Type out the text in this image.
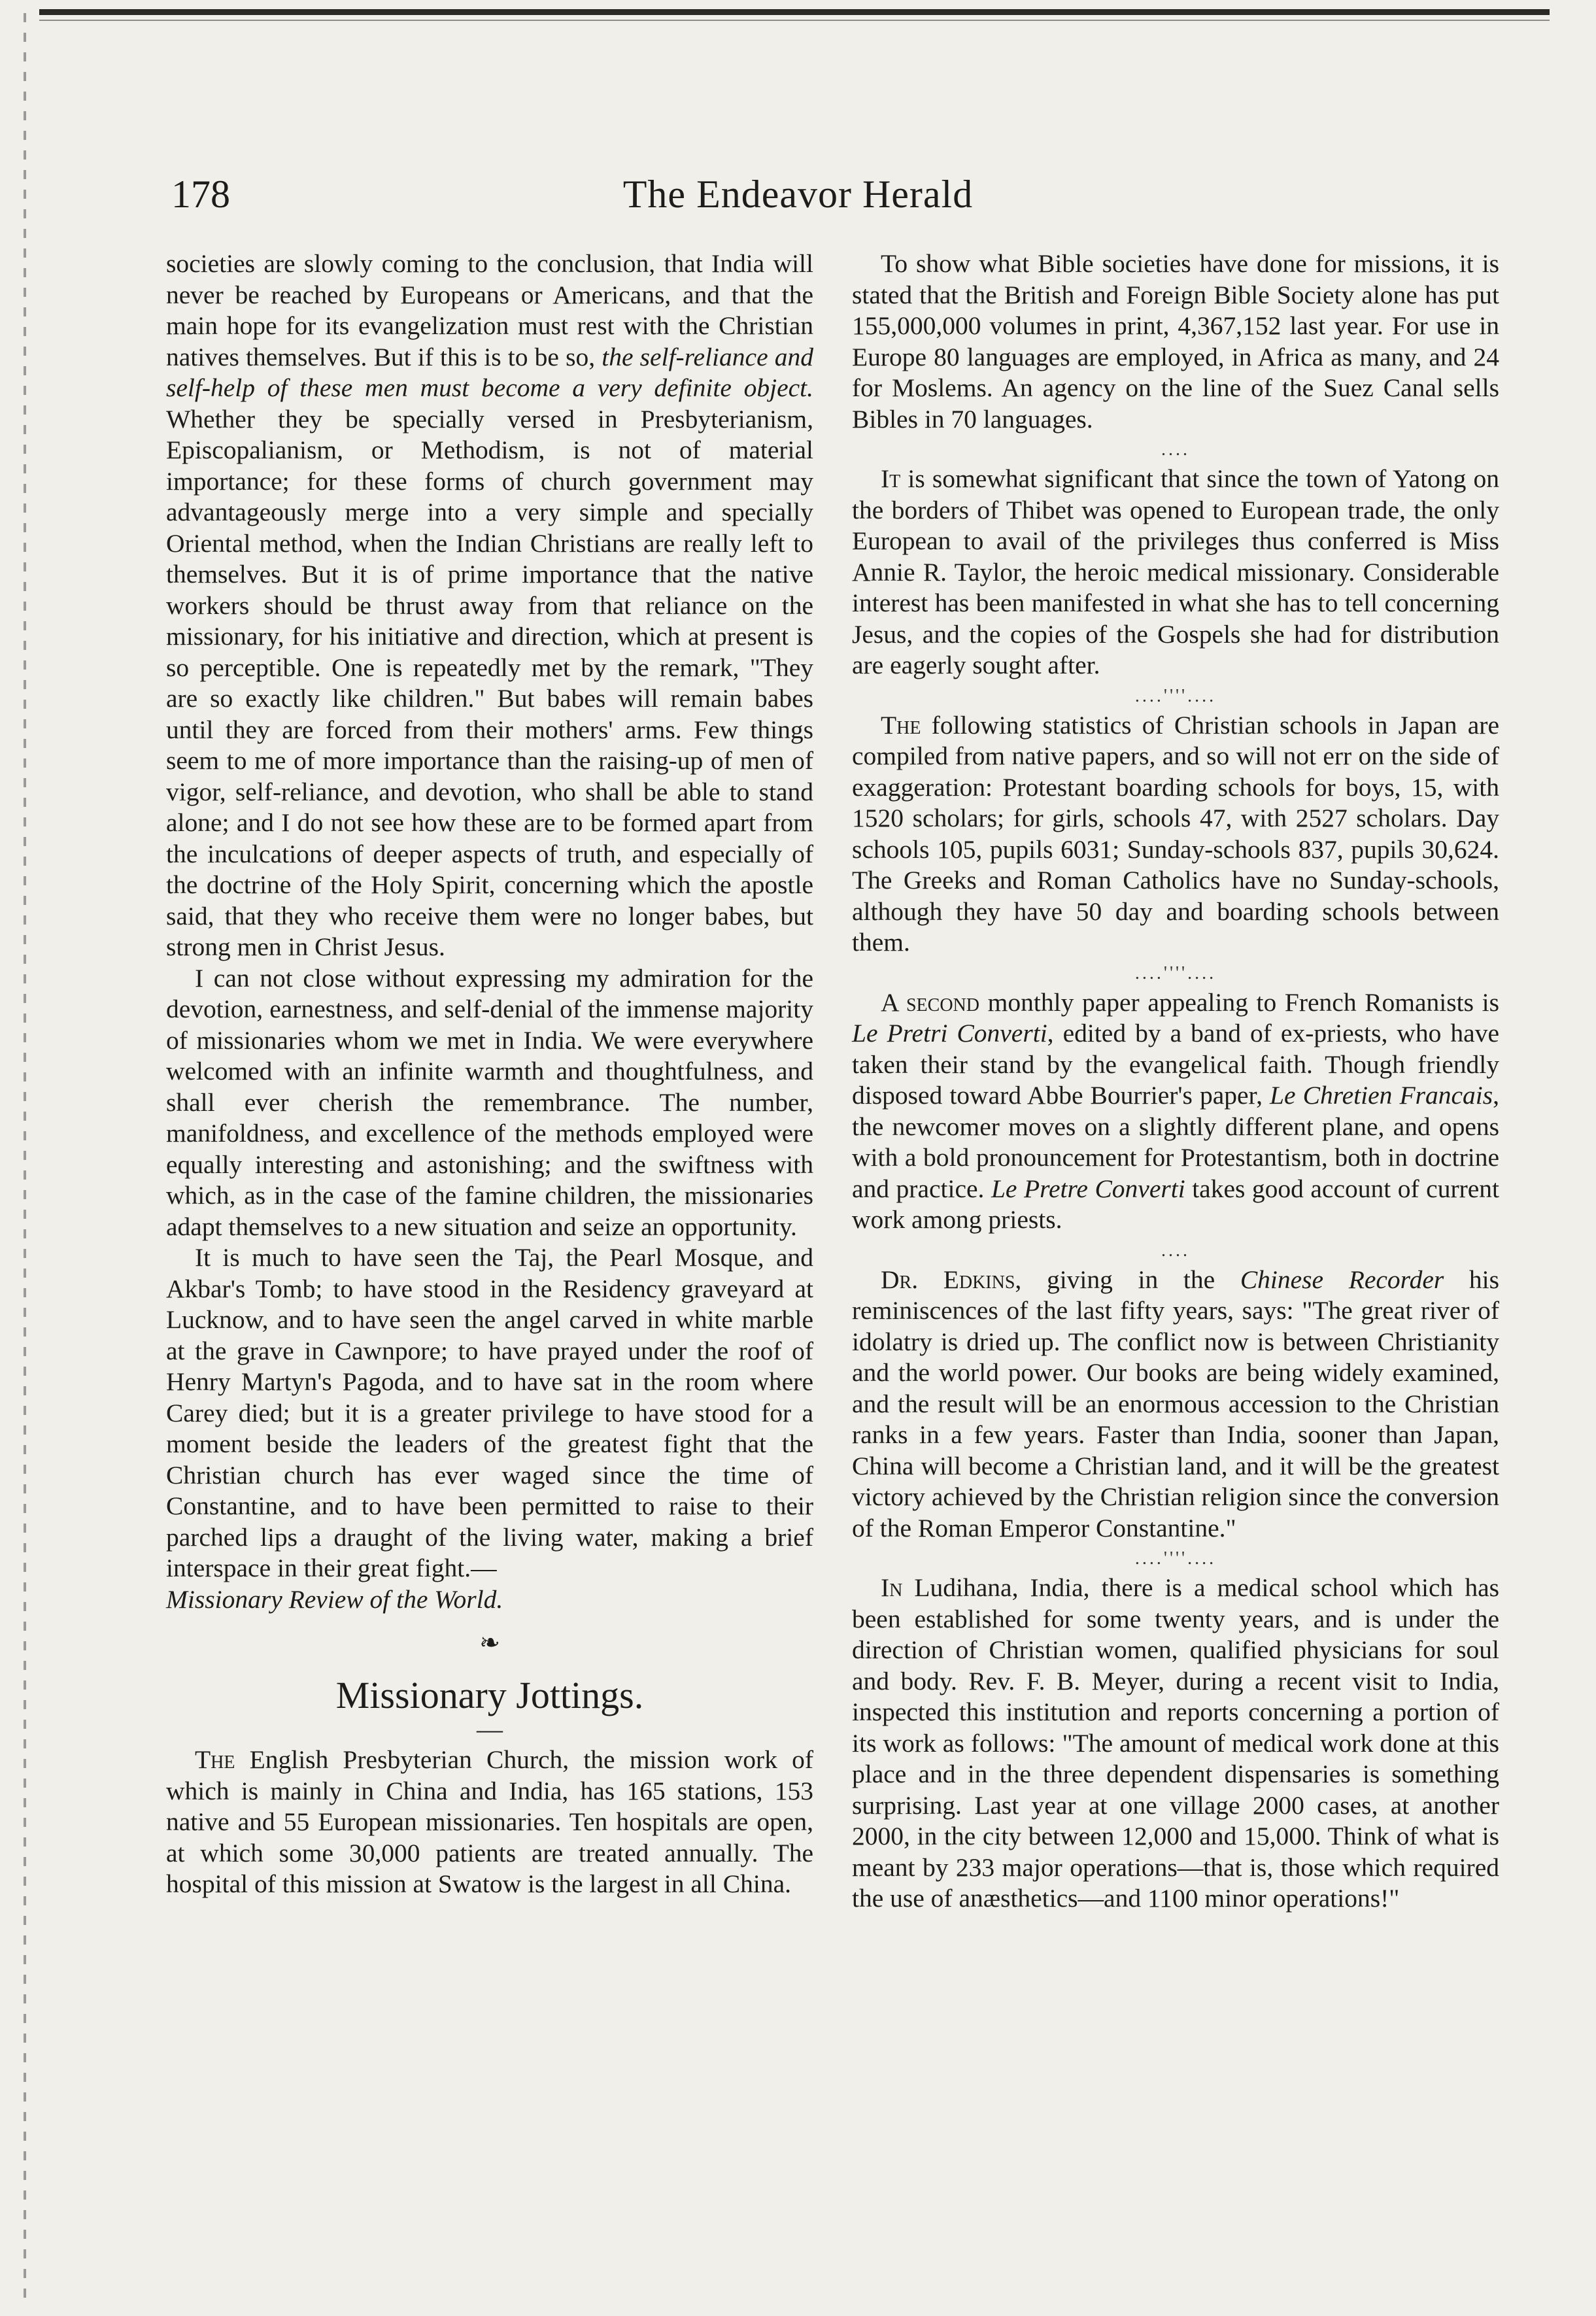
178	The Endeavor Herald

societies are slowly coming to the conclusion, that India will never be reached by Europeans or Americans, and that the main hope for its evangelization must rest with the Christian natives themselves. But if this is to be so, the self-reliance and self-help of these men must become a very definite object. Whether they be specially versed in Presbyterianism, Episcopalianism, or Methodism, is not of material importance; for these forms of church government may advantageously merge into a very simple and specially Oriental method, when the Indian Christians are really left to themselves. But it is of prime importance that the native workers should be thrust away from that reliance on the missionary, for his initiative and direction, which at present is so perceptible. One is repeatedly met by the remark, "They are so exactly like children." But babes will remain babes until they are forced from their mothers' arms. Few things seem to me of more importance than the raising-up of men of vigor, self-reliance, and devotion, who shall be able to stand alone; and I do not see how these are to be formed apart from the inculcations of deeper aspects of truth, and especially of the doctrine of the Holy Spirit, concerning which the apostle said, that they who receive them were no longer babes, but strong men in Christ Jesus.

I can not close without expressing my admiration for the devotion, earnestness, and self-denial of the immense majority of missionaries whom we met in India. We were everywhere welcomed with an infinite warmth and thoughtfulness, and shall ever cherish the remembrance. The number, manifoldness, and excellence of the methods employed were equally interesting and astonishing; and the swiftness with which, as in the case of the famine children, the missionaries adapt themselves to a new situation and seize an opportunity.

It is much to have seen the Taj, the Pearl Mosque, and Akbar's Tomb; to have stood in the Residency graveyard at Lucknow, and to have seen the angel carved in white marble at the grave in Cawnpore; to have prayed under the roof of Henry Martyn's Pagoda, and to have sat in the room where Carey died; but it is a greater privilege to have stood for a moment beside the leaders of the greatest fight that the Christian church has ever waged since the time of Constantine, and to have been permitted to raise to their parched lips a draught of the living water, making a brief interspace in their great fight.—

Missionary Review of the World.

❧
Missionary Jottings.
—

The English Presbyterian Church, the mission work of which is mainly in China and India, has 165 stations, 153 native and 55 European missionaries. Ten hospitals are open, at which some 30,000 patients are treated annually. The hospital of this mission at Swatow is the largest in all China.

To show what Bible societies have done for missions, it is stated that the British and Foreign Bible Society alone has put 155,000,000 volumes in print, 4,367,152 last year. For use in Europe 80 languages are employed, in Africa as many, and 24 for Moslems. An agency on the line of the Suez Canal sells Bibles in 70 languages.

....

It is somewhat significant that since the town of Yatong on the borders of Thibet was opened to European trade, the only European to avail of the privileges thus conferred is Miss Annie R. Taylor, the heroic medical missionary. Considerable interest has been manifested in what she has to tell concerning Jesus, and the copies of the Gospels she had for distribution are eagerly sought after.

....''''....

The following statistics of Christian schools in Japan are compiled from native papers, and so will not err on the side of exaggeration: Protestant boarding schools for boys, 15, with 1520 scholars; for girls, schools 47, with 2527 scholars. Day schools 105, pupils 6031; Sunday-schools 837, pupils 30,624. The Greeks and Roman Catholics have no Sunday-schools, although they have 50 day and boarding schools between them.

....''''....

A second monthly paper appealing to French Romanists is Le Pretri Converti, edited by a band of ex-priests, who have taken their stand by the evangelical faith. Though friendly disposed toward Abbe Bourrier's paper, Le Chretien Francais, the newcomer moves on a slightly different plane, and opens with a bold pronouncement for Protestantism, both in doctrine and practice. Le Pretre Converti takes good account of current work among priests.

....

Dr. Edkins, giving in the Chinese Recorder his reminiscences of the last fifty years, says: "The great river of idolatry is dried up. The conflict now is between Christianity and the world power. Our books are being widely examined, and the result will be an enormous accession to the Christian ranks in a few years. Faster than India, sooner than Japan, China will become a Christian land, and it will be the greatest victory achieved by the Christian religion since the conversion of the Roman Emperor Constantine."

....''''....

In Ludihana, India, there is a medical school which has been established for some twenty years, and is under the direction of Christian women, qualified physicians for soul and body. Rev. F. B. Meyer, during a recent visit to India, inspected this institution and reports concerning a portion of its work as follows: "The amount of medical work done at this place and in the three dependent dispensaries is something surprising. Last year at one village 2000 cases, at another 2000, in the city between 12,000 and 15,000. Think of what is meant by 233 major operations—that is, those which required the use of anæsthetics—and 1100 minor operations!"
